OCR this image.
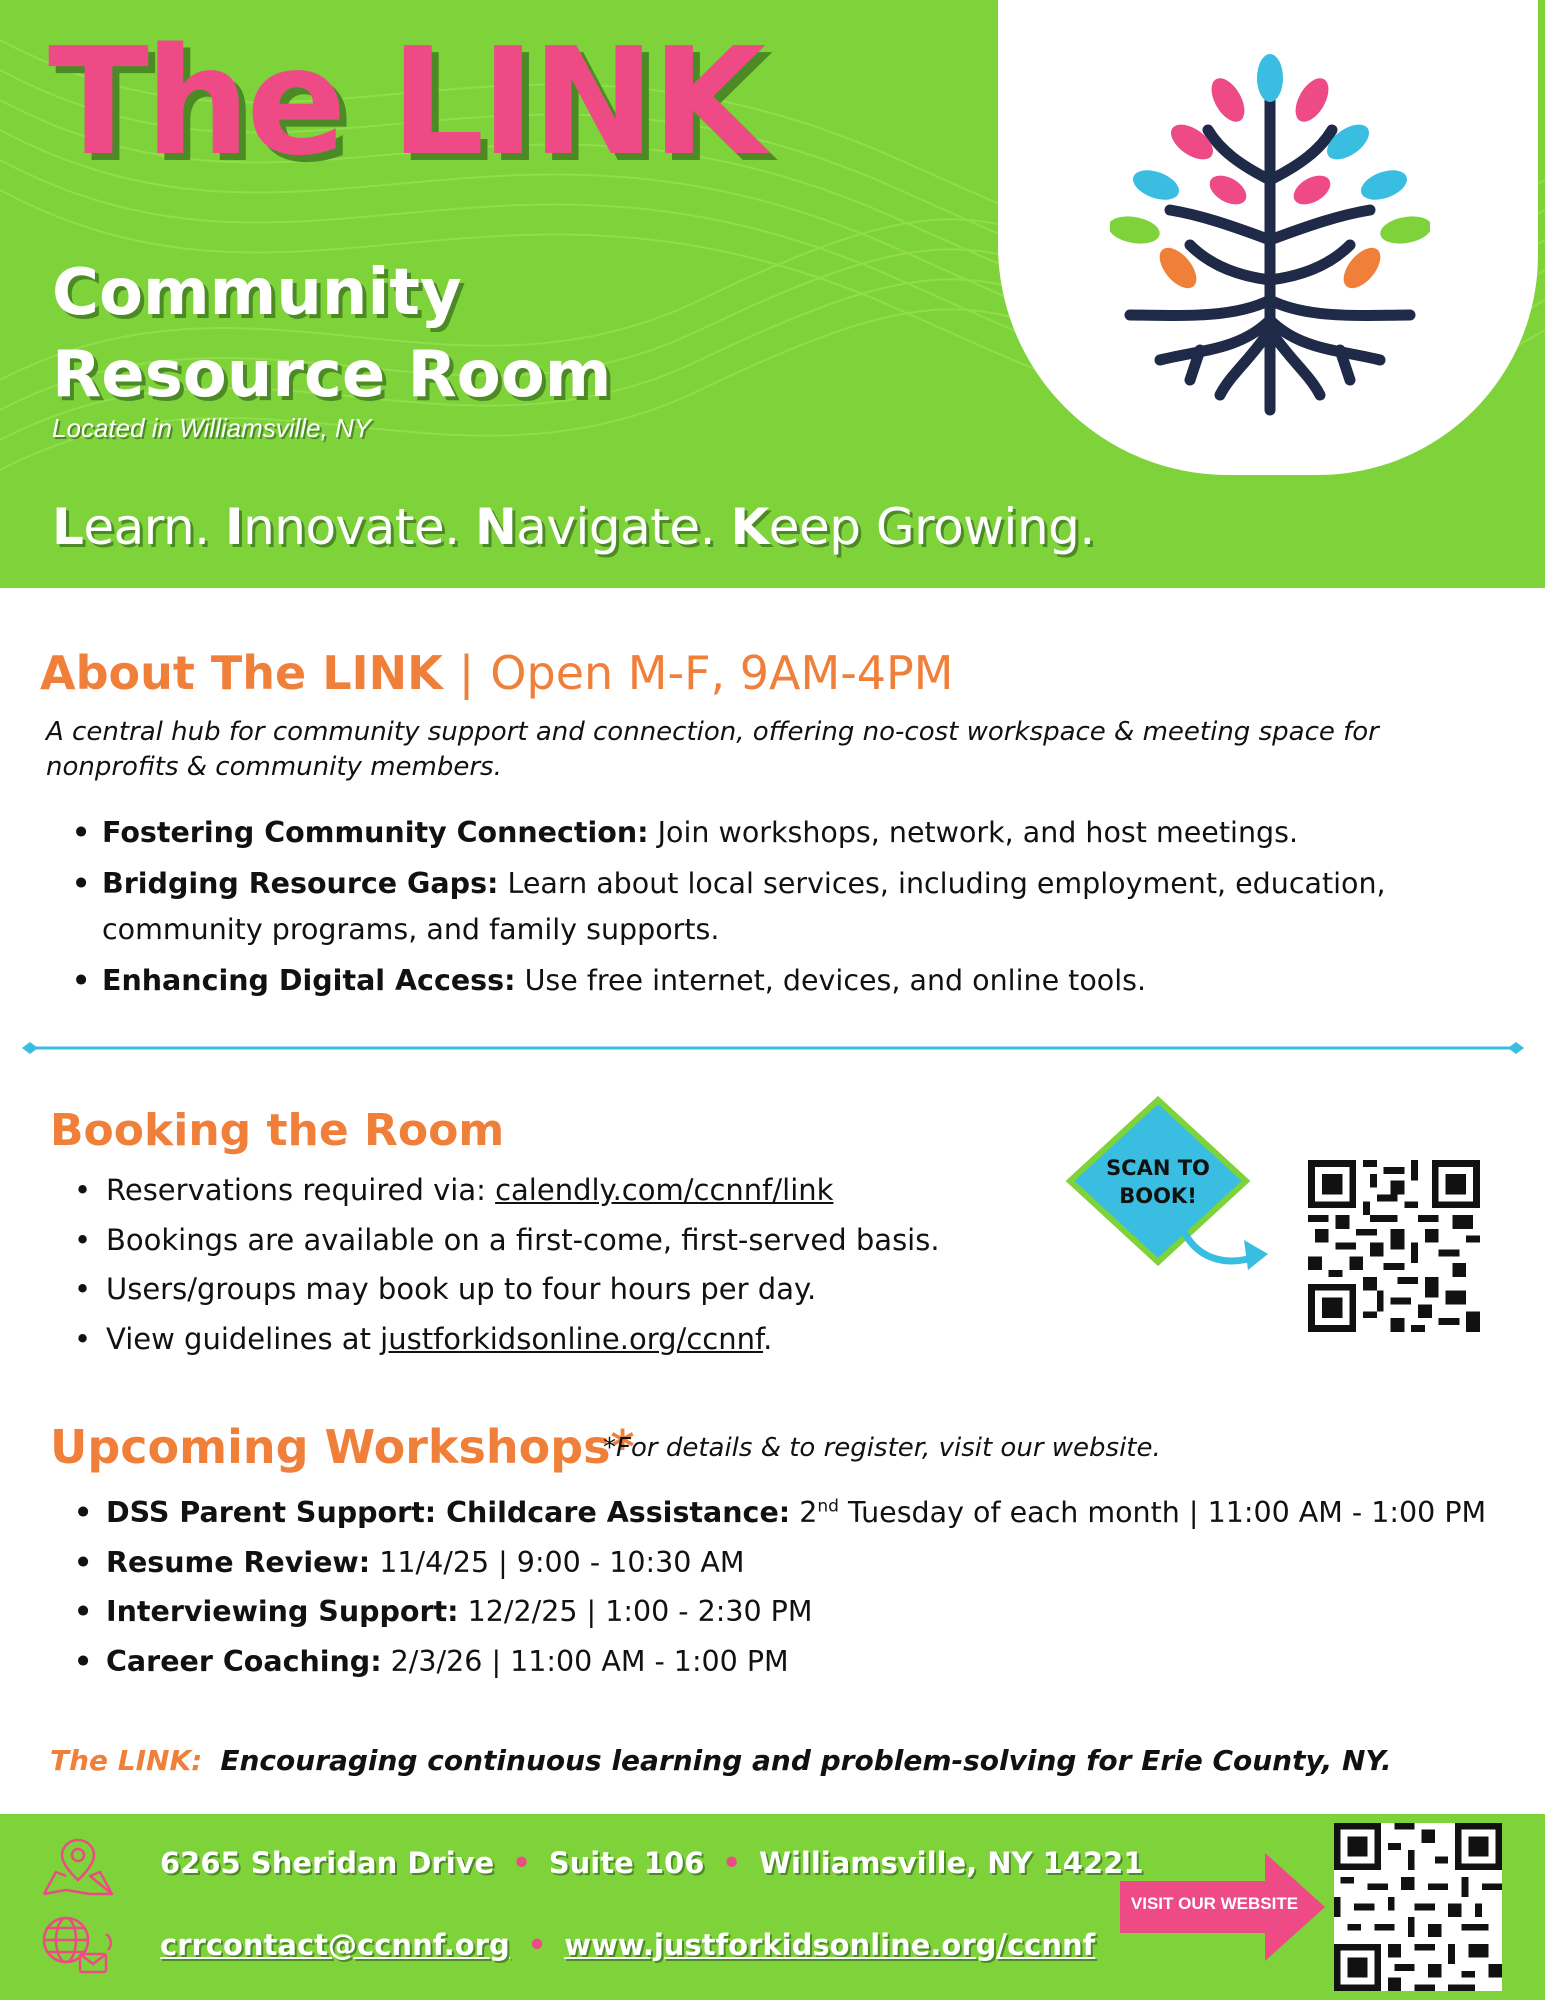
The LINK
Community
Resource Room
Located in Williamsville, NY
Learn. Innovate. Navigate. Keep Growing.
About The LINK | Open M-F, 9AM-4PM
A central hub for community support and connection, offering no-cost workspace & meeting space for nonprofits & community members.
• Fostering Community Connection: Join workshops, network, and host meetings.
• Bridging Resource Gaps: Learn about local services, including employment, education, community programs, and family supports.
• Enhancing Digital Access: Use free internet, devices, and online tools.
Booking the Room
• Reservations required via: calendly.com/ccnnf/link
• Bookings are available on a first-come, first-served basis.
• Users/groups may book up to four hours per day.
• View guidelines at justforkidsonline.org/ccnnf.
SCAN TO
BOOK!
Upcoming Workshops*
*For details & to register, visit our website.
• DSS Parent Support: Childcare Assistance: 2nd Tuesday of each month | 11:00 AM - 1:00 PM
• Resume Review: 11/4/25 | 9:00 - 10:30 AM
• Interviewing Support: 12/2/25 | 1:00 - 2:30 PM
• Career Coaching: 2/3/26 | 11:00 AM - 1:00 PM
The LINK: Encouraging continuous learning and problem-solving for Erie County, NY.
6265 Sheridan Drive • Suite 106 • Williamsville, NY 14221
crrcontact@ccnnf.org • www.justforkidsonline.org/ccnnf
VISIT OUR WEBSITE
